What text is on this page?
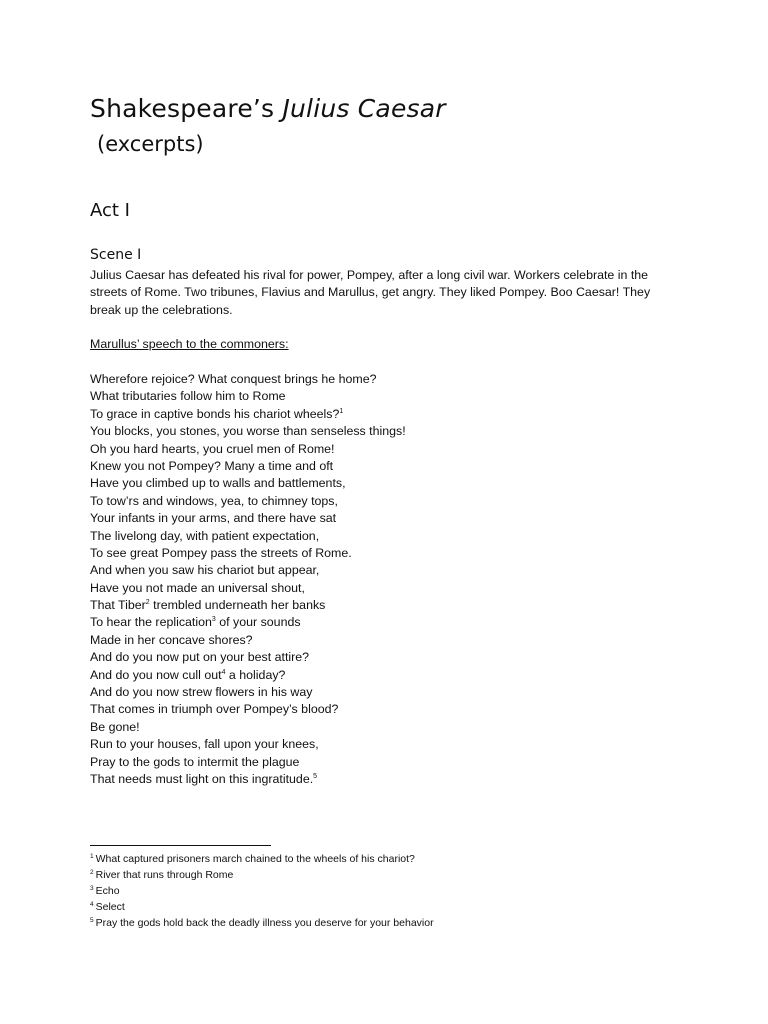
Shakespeare’s Julius Caesar
(excerpts)
Act I
Scene I
Julius Caesar has defeated his rival for power, Pompey, after a long civil war. Workers celebrate in the streets of Rome. Two tribunes, Flavius and Marullus, get angry. They liked Pompey. Boo Caesar! They break up the celebrations.
Marullus’ speech to the commoners:
Wherefore rejoice? What conquest brings he home?
What tributaries follow him to Rome
To grace in captive bonds his chariot wheels?$^1$
You blocks, you stones, you worse than senseless things!
Oh you hard hearts, you cruel men of Rome!
Knew you not Pompey? Many a time and oft
Have you climbed up to walls and battlements,
To tow’rs and windows, yea, to chimney tops,
Your infants in your arms, and there have sat
The livelong day, with patient expectation,
To see great Pompey pass the streets of Rome.
And when you saw his chariot but appear,
Have you not made an universal shout,
That Tiber$^2$ trembled underneath her banks
To hear the replication$^3$ of your sounds
Made in her concave shores?
And do you now put on your best attire?
And do you now cull out$^4$ a holiday?
And do you now strew flowers in his way
That comes in triumph over Pompey’s blood?
Be gone!
Run to your houses, fall upon your knees,
Pray to the gods to intermit the plague
That needs must light on this ingratitude.$^5$
$^1$ What captured prisoners march chained to the wheels of his chariot?
$^2$ River that runs through Rome
$^3$ Echo
$^4$ Select
$^5$ Pray the gods hold back the deadly illness you deserve for your behavior
